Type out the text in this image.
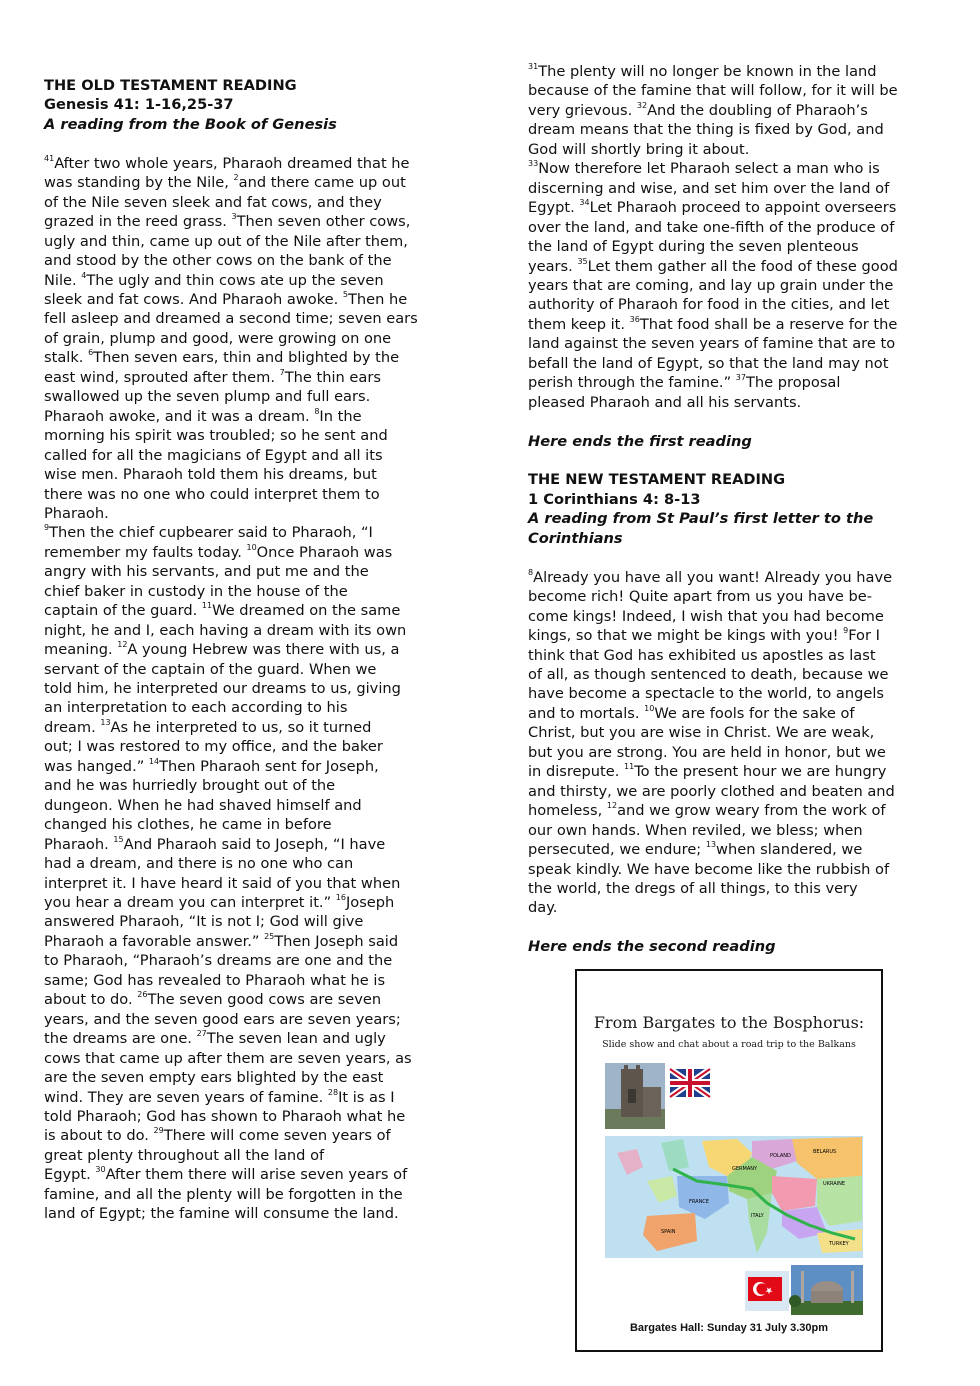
THE OLD TESTAMENT READING
Genesis 41: 1-16,25-37
A reading from the Book of Genesis
$^{41}$After two whole years, Pharaoh dreamed that he
was standing by the Nile, $^2$and there came up out
of the Nile seven sleek and fat cows, and they
grazed in the reed grass. $^3$Then seven other cows,
ugly and thin, came up out of the Nile after them,
and stood by the other cows on the bank of the
Nile. $^4$The ugly and thin cows ate up the seven
sleek and fat cows. And Pharaoh awoke. $^5$Then he
fell asleep and dreamed a second time; seven ears
of grain, plump and good, were growing on one
stalk. $^6$Then seven ears, thin and blighted by the
east wind, sprouted after them. $^7$The thin ears
swallowed up the seven plump and full ears.
Pharaoh awoke, and it was a dream. $^8$In the
morning his spirit was troubled; so he sent and
called for all the magicians of Egypt and all its
wise men. Pharaoh told them his dreams, but
there was no one who could interpret them to
Pharaoh.
$^9$Then the chief cupbearer said to Pharaoh, “I
remember my faults today. $^{10}$Once Pharaoh was
angry with his servants, and put me and the
chief baker in custody in the house of the
captain of the guard. $^{11}$We dreamed on the same
night, he and I, each having a dream with its own
meaning. $^{12}$A young Hebrew was there with us, a
servant of the captain of the guard. When we
told him, he interpreted our dreams to us, giving
an interpretation to each according to his
dream. $^{13}$As he interpreted to us, so it turned
out; I was restored to my office, and the baker
was hanged.” $^{14}$Then Pharaoh sent for Joseph,
and he was hurriedly brought out of the
dungeon. When he had shaved himself and
changed his clothes, he came in before
Pharaoh. $^{15}$And Pharaoh said to Joseph, “I have
had a dream, and there is no one who can
interpret it. I have heard it said of you that when
you hear a dream you can interpret it.” $^{16}$Joseph
answered Pharaoh, “It is not I; God will give
Pharaoh a favorable answer.” $^{25}$Then Joseph said
to Pharaoh, “Pharaoh’s dreams are one and the
same; God has revealed to Pharaoh what he is
about to do. $^{26}$The seven good cows are seven
years, and the seven good ears are seven years;
the dreams are one. $^{27}$The seven lean and ugly
cows that came up after them are seven years, as
are the seven empty ears blighted by the east
wind. They are seven years of famine. $^{28}$It is as I
told Pharaoh; God has shown to Pharaoh what he
is about to do. $^{29}$There will come seven years of
great plenty throughout all the land of
Egypt. $^{30}$After them there will arise seven years of
famine, and all the plenty will be forgotten in the
land of Egypt; the famine will consume the land.
$^{31}$The plenty will no longer be known in the land
because of the famine that will follow, for it will be
very grievous. $^{32}$And the doubling of Pharaoh’s
dream means that the thing is fixed by God, and
God will shortly bring it about.
$^{33}$Now therefore let Pharaoh select a man who is
discerning and wise, and set him over the land of
Egypt. $^{34}$Let Pharaoh proceed to appoint overseers
over the land, and take one-fifth of the produce of
the land of Egypt during the seven plenteous
years. $^{35}$Let them gather all the food of these good
years that are coming, and lay up grain under the
authority of Pharaoh for food in the cities, and let
them keep it. $^{36}$That food shall be a reserve for the
land against the seven years of famine that are to
befall the land of Egypt, so that the land may not
perish through the famine.” $^{37}$The proposal
pleased Pharaoh and all his servants.
Here ends the first reading
THE NEW TESTAMENT READING
1 Corinthians 4: 8-13
A reading from St Paul’s first letter to the
Corinthians
$^8$Already you have all you want! Already you have
become rich! Quite apart from us you have be-
come kings! Indeed, I wish that you had become
kings, so that we might be kings with you! $^9$For I
think that God has exhibited us apostles as last
of all, as though sentenced to death, because we
have become a spectacle to the world, to angels
and to mortals. $^{10}$We are fools for the sake of
Christ, but you are wise in Christ. We are weak,
but you are strong. You are held in honor, but we
in disrepute. $^{11}$To the present hour we are hungry
and thirsty, we are poorly clothed and beaten and
homeless, $^{12}$and we grow weary from the work of
our own hands. When reviled, we bless; when
persecuted, we endure; $^{13}$when slandered, we
speak kindly. We have become like the rubbish of
the world, the dregs of all things, to this very
day.
Here ends the second reading
From Bargates to the Bosphorus:
Slide show and chat about a road trip to the Balkans
FRANCE
SPAIN
ITALY
POLAND
GERMANY
TURKEY
UKRAINE
BELARUS
Bargates Hall: Sunday 31 July 3.30pm
